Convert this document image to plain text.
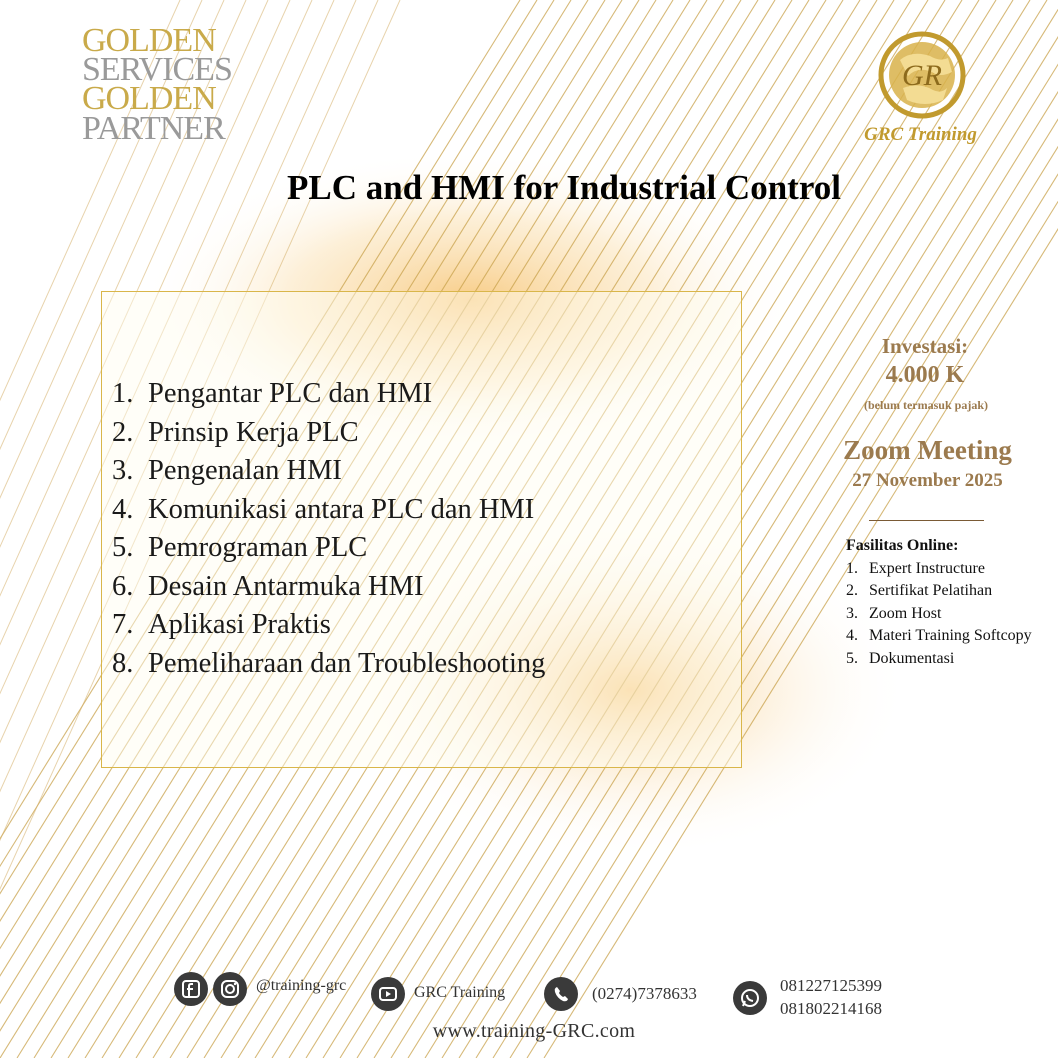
GOLDEN
SERVICES
GOLDEN
PARTNER
GR
GRC Training
PLC and HMI for Industrial Control
1. Pengantar PLC dan HMI
2. Prinsip Kerja PLC
3. Pengenalan HMI
4. Komunikasi antara PLC dan HMI
5. Pemrograman PLC
6. Desain Antarmuka HMI
7. Aplikasi Praktis
8. Pemeliharaan dan Troubleshooting
Investasi:
4.000 K
(belum termasuk pajak)
Zoom Meeting
27 November 2025
Fasilitas Online:
1. Expert Instructure
2. Sertifikat Pelatihan
3. Zoom Host
4. Materi Training Softcopy
5. Dokumentasi
@training-grc	GRC Training	(0274)7378633	081227125399
081802214168
www.training-GRC.com
